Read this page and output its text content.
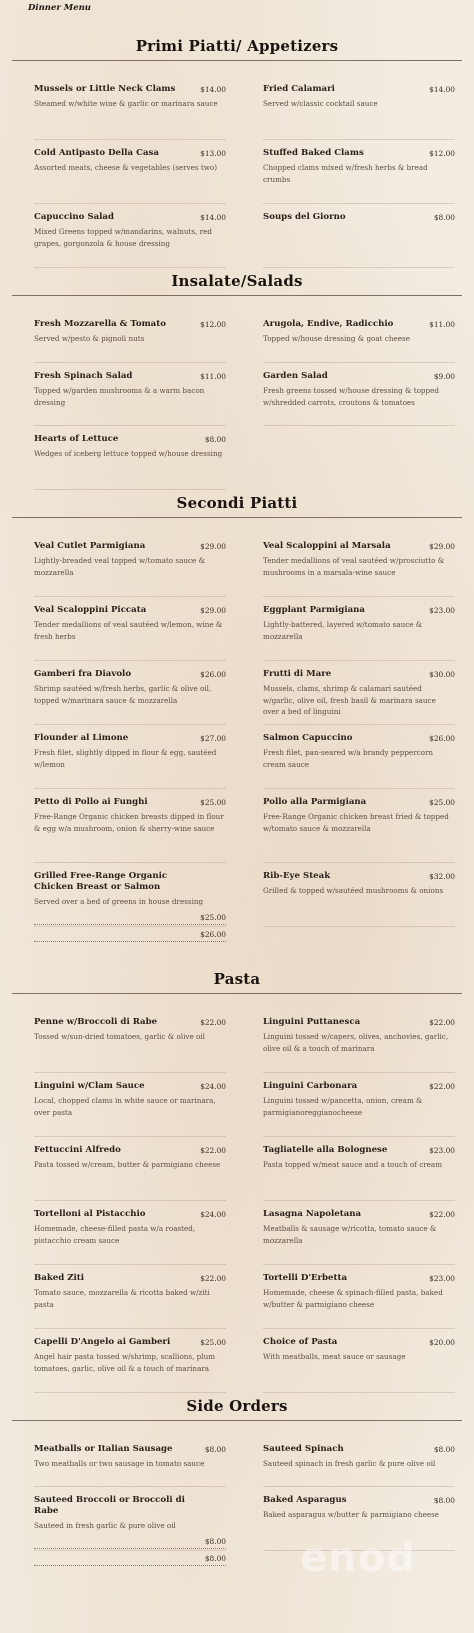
Dinner Menu
Primi Piatti/ Appetizers
Mussels or Little Neck Clams	$14.00
Steamed w/white wine & garlic or marinara sauce
Fried Calamari	$14.00
Served w/classic cocktail sauce
Cold Antipasto Della Casa	$13.00
Assorted meats, cheese & vegetables (serves two)
Stuffed Baked Clams	$12.00
Chopped clams mixed w/fresh herbs & bread crumbs
Capuccino Salad	$14.00
Mixed Greens topped w/mandarins, walnuts, red grapes, gorgonzola & house dressing
Soups del Giorno	$8.00
Insalate/Salads
Fresh Mozzarella & Tomato	$12.00
Served w/pesto & pignoli nuts
Arugola, Endive, Radicchio	$11.00
Topped w/house dressing & goat cheese
Fresh Spinach Salad	$11.00
Topped w/garden mushrooms & a warm bacon dressing
Garden Salad	$9.00
Fresh greens tossed w/house dressing & topped w/shredded carrots, croutons & tomatoes
Hearts of Lettuce	$8.00
Wedges of iceberg lettuce topped w/house dressing
Secondi Piatti
Veal Cutlet Parmigiana	$29.00
Lightly-breaded veal topped w/tomato sauce & mozzarella
Veal Scaloppini al Marsala	$29.00
Tender medallions of veal sautéed w/prosciutto & mushrooms in a marsala-wine sauce
Veal Scaloppini Piccata	$29.00
Tender medallions of veal sautéed w/lemon, wine & fresh herbs
Eggplant Parmigiana	$23.00
Lightly-battered, layered w/tomato sauce & mozzarella
Gamberi fra Diavolo	$26.00
Shrimp sautéed w/fresh herbs, garlic & olive oil, topped w/marinara sauce & mozzarella
Frutti di Mare	$30.00
Mussels, clams, shrimp & calamari sautéed w/garlic, olive oil, fresh basil & marinara sauce over a bed of linguini
Flounder al Limone	$27.00
Fresh filet, slightly dipped in flour & egg, sautéed w/lemon
Salmon Capuccino	$26.00
Fresh filet, pan-seared w/a brandy peppercorn cream sauce
Petto di Pollo ai Funghi	$25.00
Free-Range Organic chicken breasts dipped in flour & egg w/a mushroom, onion & sherry-wine sauce
Pollo alla Parmigiana	$25.00
Free-Range Organic chicken breast fried & topped w/tomato sauce & mozzarella
Grilled Free-Range Organic Chicken Breast or Salmon
Served over a bed of greens in house dressing
$25.00
$26.00
Rib-Eye Steak	$32.00
Grilled & topped w/sautéed mushrooms & onions
Pasta
Penne w/Broccoli di Rabe	$22.00
Tossed w/sun-dried tomatoes, garlic & olive oil
Linguini Puttanesca	$22.00
Linguini tossed w/capers, olives, anchovies, garlic, olive oil & a touch of marinara
Linguini w/Clam Sauce	$24.00
Local, chopped clams in white sauce or marinara, over pasta
Linguini Carbonara	$22.00
Linguini tossed w/pancetta, onion, cream & parmigianoreggianocheese
Fettuccini Alfredo	$22.00
Pasta tossed w/cream, butter & parmigiano cheese
Tagliatelle alla Bolognese	$23.00
Pasta topped w/meat sauce and a touch of cream
Tortelloni al Pistacchio	$24.00
Homemade, cheese-filled pasta w/a roasted, pistacchio cream sauce
Lasagna Napoletana	$22.00
Meatballs & sausage w/ricotta, tomato sauce & mozzarella
Baked Ziti	$22.00
Tomato sauce, mozzarella & ricotta baked w/ziti pasta
Tortelli D'Erbetta	$23.00
Homemade, cheese & spinach-filled pasta, baked w/butter & parmigiano cheese
Capelli D'Angelo ai Gamberi	$25.00
Angel hair pasta tossed w/shrimp, scallions, plum tomatoes, garlic, olive oil & a touch of marinara
Choice of Pasta	$20.00
With meatballs, meat sauce or sausage
Side Orders
Meatballs or Italian Sausage	$8.00
Two meatballs or two sausage in tomato sauce
Sauteed Spinach	$8.00
Sauteed spinach in fresh garlic & pure olive oil
Sauteed Broccoli or Broccoli di Rabe
Sauteed in fresh garlic & pure olive oil
$8.00
$8.00
Baked Asparagus	$8.00
Baked asparagus w/butter & parmigiano cheese
enod
